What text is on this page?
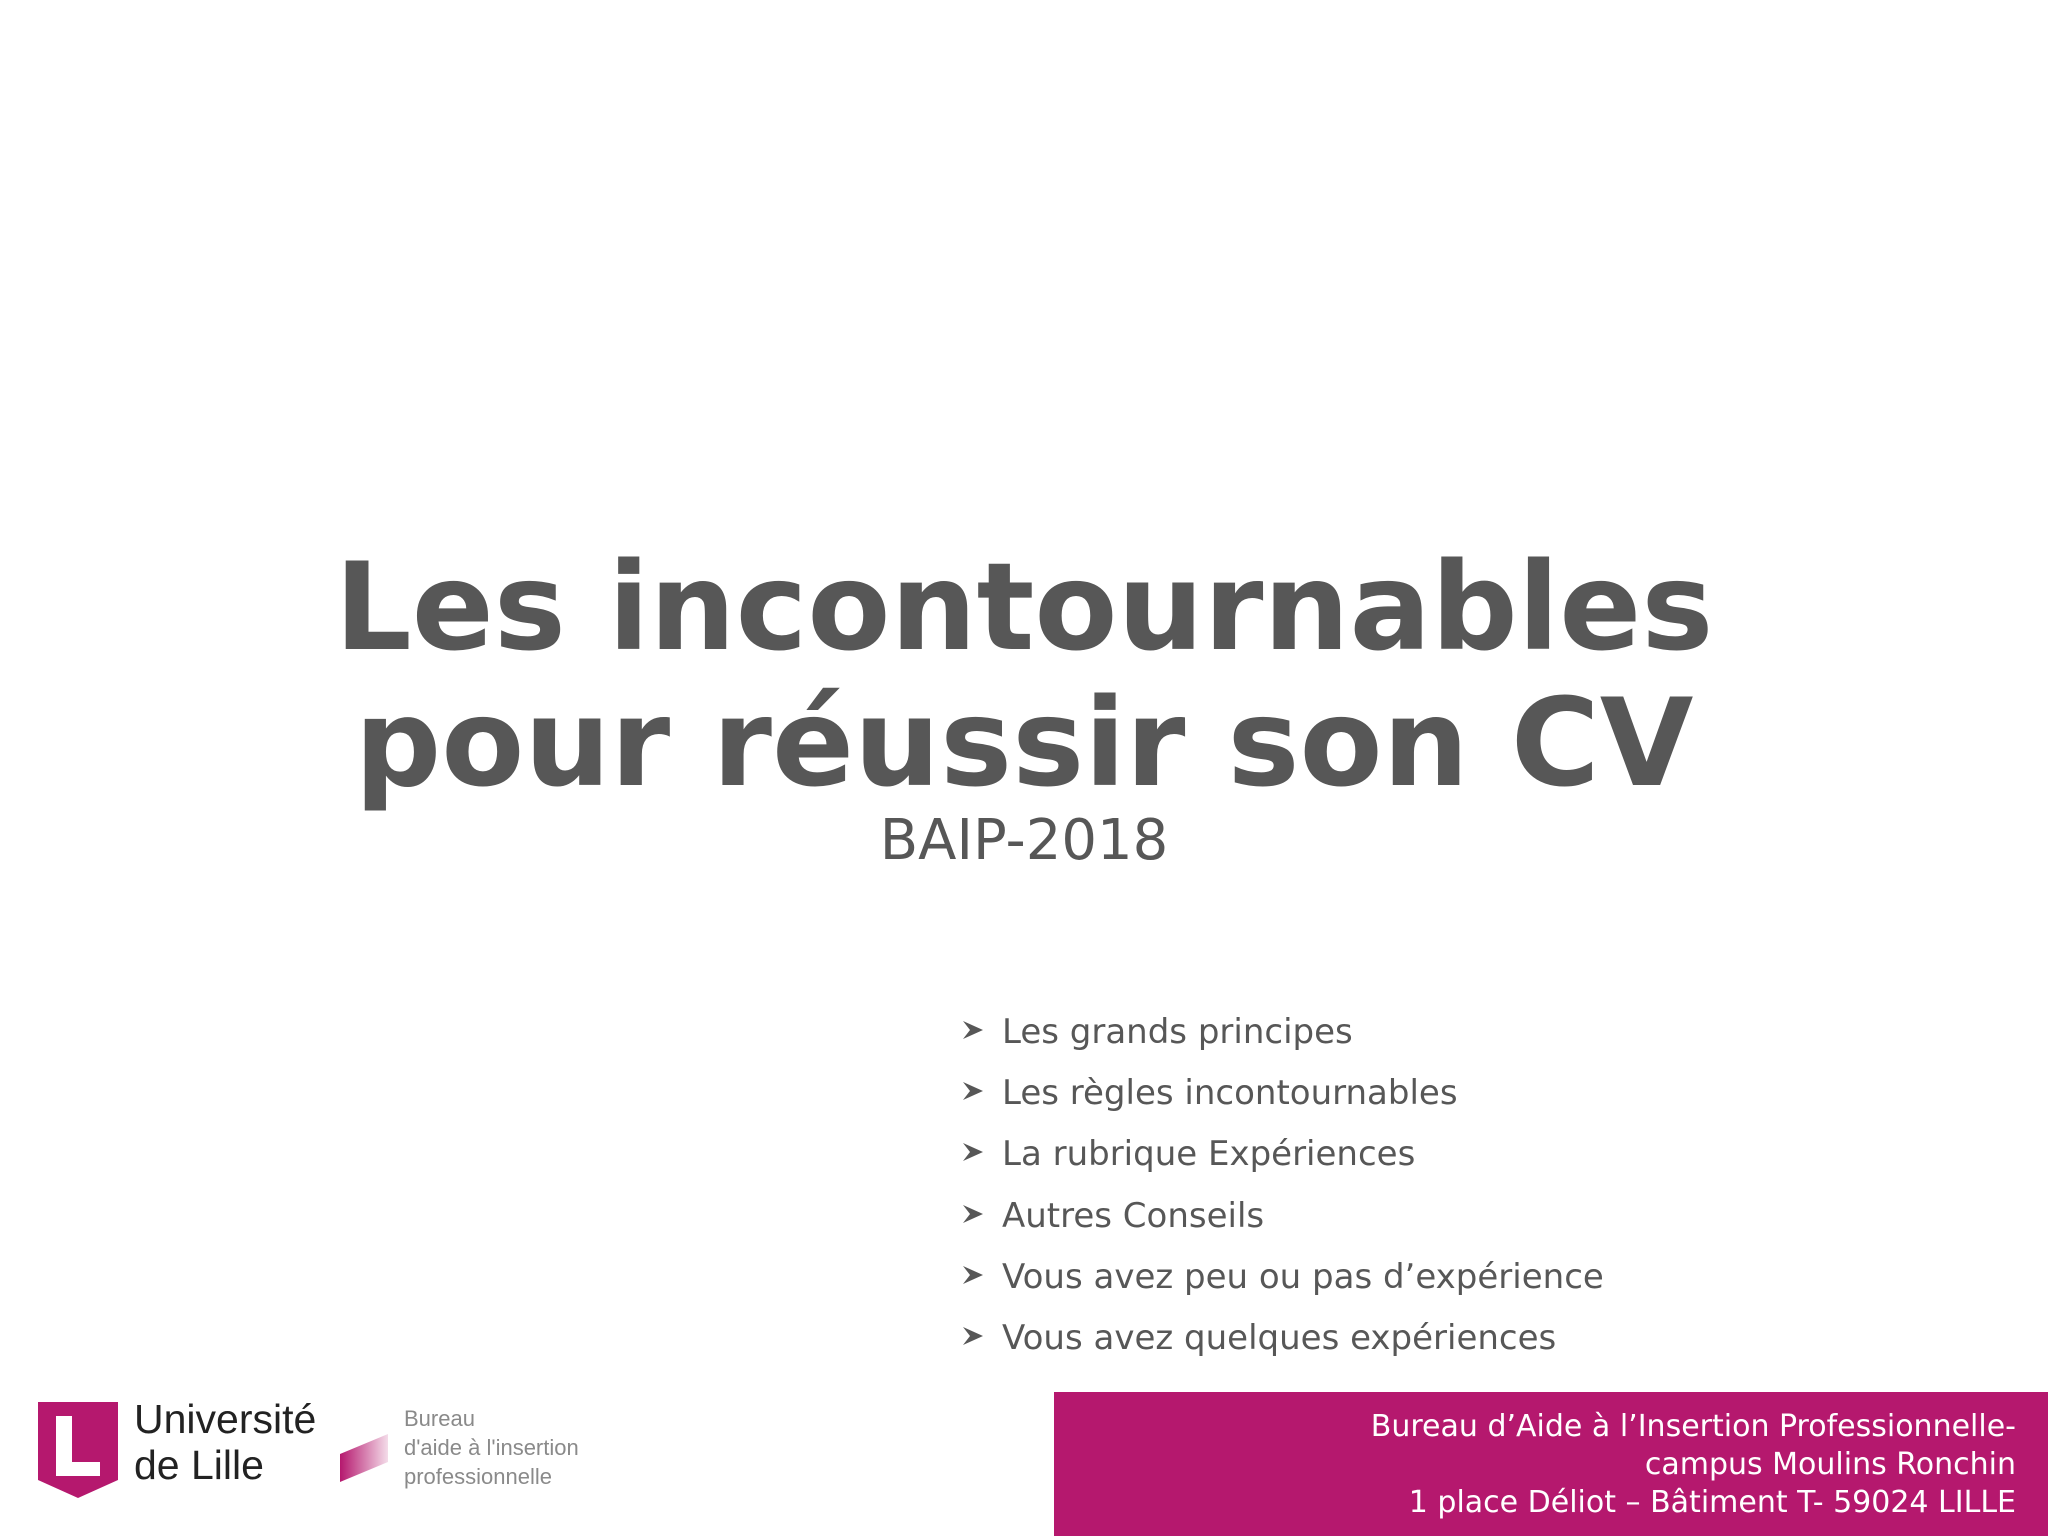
Les incontournables
pour réussir son CV
BAIP-2018
Les grands principes
Les règles incontournables
La rubrique Expériences
Autres Conseils
Vous avez peu ou pas d’expérience
Vous avez quelques expériences
Université
de Lille
Bureau
d'aide à l'insertion
professionnelle
Bureau d’Aide à l’Insertion Professionnelle-
campus Moulins Ronchin
1 place Déliot – Bâtiment T- 59024 LILLE
